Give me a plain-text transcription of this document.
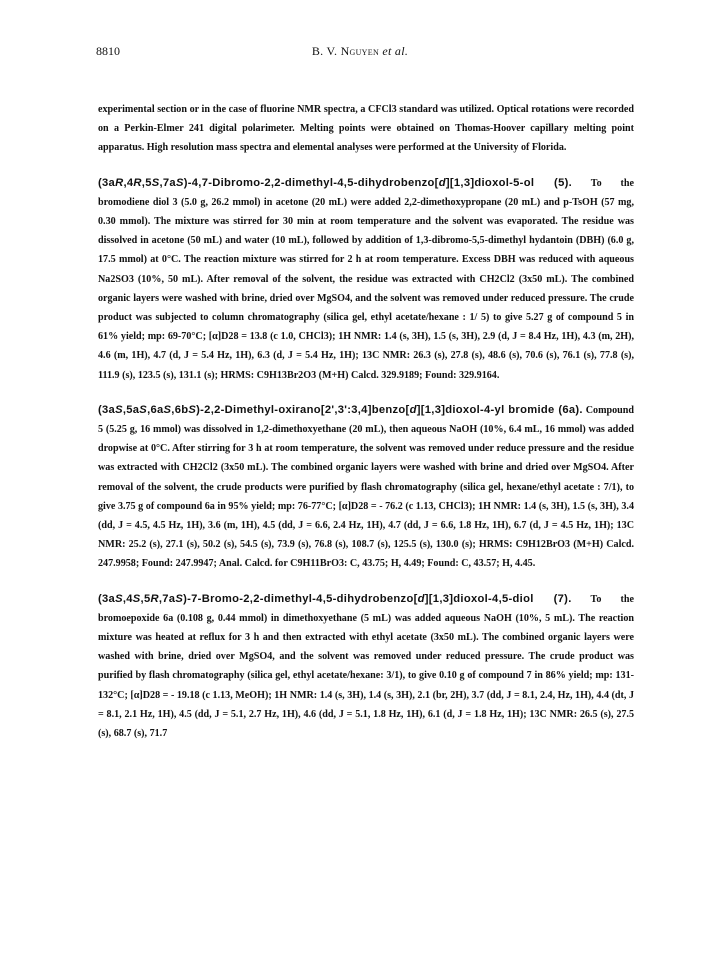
8810	B. V. Nguyen et al.

experimental section or in the case of fluorine NMR spectra, a CFCl3 standard was utilized. Optical rotations were recorded on a Perkin-Elmer 241 digital polarimeter. Melting points were obtained on Thomas-Hoover capillary melting point apparatus. High resolution mass spectra and elemental analyses were performed at the University of Florida.

(3aR,4R,5S,7aS)-4,7-Dibromo-2,2-dimethyl-4,5-dihydrobenzo[d][1,3]dioxol-5-ol (5). To the bromodiene diol 3 (5.0 g, 26.2 mmol) in acetone (20 mL) were added 2,2-dimethoxypropane (20 mL) and p-TsOH (57 mg, 0.30 mmol). The mixture was stirred for 30 min at room temperature and the solvent was evaporated. The residue was dissolved in acetone (50 mL) and water (10 mL), followed by addition of 1,3-dibromo-5,5-dimethyl hydantoin (DBH) (6.0 g, 17.5 mmol) at 0°C. The reaction mixture was stirred for 2 h at room temperature. Excess DBH was reduced with aqueous Na2SO3 (10%, 50 mL). After removal of the solvent, the residue was extracted with CH2Cl2 (3x50 mL). The combined organic layers were washed with brine, dried over MgSO4, and the solvent was removed under reduced pressure. The crude product was subjected to column chromatography (silica gel, ethyl acetate/hexane : 1/ 5) to give 5.27 g of compound 5 in 61% yield; mp: 69-70°C; [α]D28 = 13.8 (c 1.0, CHCl3); 1H NMR: 1.4 (s, 3H), 1.5 (s, 3H), 2.9 (d, J = 8.4 Hz, 1H), 4.3 (m, 2H), 4.6 (m, 1H), 4.7 (d, J = 5.4 Hz, 1H), 6.3 (d, J = 5.4 Hz, 1H); 13C NMR: 26.3 (s), 27.8 (s), 48.6 (s), 70.6 (s), 76.1 (s), 77.8 (s), 111.9 (s), 123.5 (s), 131.1 (s); HRMS: C9H13Br2O3 (M+H) Calcd. 329.9189; Found: 329.9164.

(3aS,5aS,6aS,6bS)-2,2-Dimethyl-oxirano[2',3':3,4]benzo[d][1,3]dioxol-4-yl bromide (6a). Compound 5 (5.25 g, 16 mmol) was dissolved in 1,2-dimethoxyethane (20 mL), then aqueous NaOH (10%, 6.4 mL, 16 mmol) was added dropwise at 0°C. After stirring for 3 h at room temperature, the solvent was removed under reduce pressure and the residue was extracted with CH2Cl2 (3x50 mL). The combined organic layers were washed with brine and dried over MgSO4. After removal of the solvent, the crude products were purified by flash chromatography (silica gel, hexane/ethyl acetate : 7/1), to give 3.75 g of compound 6a in 95% yield; mp: 76-77°C; [α]D28 = - 76.2 (c 1.13, CHCl3); 1H NMR: 1.4 (s, 3H), 1.5 (s, 3H), 3.4 (dd, J = 4.5, 4.5 Hz, 1H), 3.6 (m, 1H), 4.5 (dd, J = 6.6, 2.4 Hz, 1H), 4.7 (dd, J = 6.6, 1.8 Hz, 1H), 6.7 (d, J = 4.5 Hz, 1H); 13C NMR: 25.2 (s), 27.1 (s), 50.2 (s), 54.5 (s), 73.9 (s), 76.8 (s), 108.7 (s), 125.5 (s), 130.0 (s); HRMS: C9H12BrO3 (M+H) Calcd. 247.9958; Found: 247.9947; Anal. Calcd. for C9H11BrO3: C, 43.75; H, 4.49; Found: C, 43.57; H, 4.45.

(3aS,4S,5R,7aS)-7-Bromo-2,2-dimethyl-4,5-dihydrobenzo[d][1,3]dioxol-4,5-diol (7). To the bromoepoxide 6a (0.108 g, 0.44 mmol) in dimethoxyethane (5 mL) was added aqueous NaOH (10%, 5 mL). The reaction mixture was heated at reflux for 3 h and then extracted with ethyl acetate (3x50 mL). The combined organic layers were washed with brine, dried over MgSO4, and the solvent was removed under reduced pressure. The crude product was purified by flash chromatography (silica gel, ethyl acetate/hexane: 3/1), to give 0.10 g of compound 7 in 86% yield; mp: 131-132°C; [α]D28 = - 19.18 (c 1.13, MeOH); 1H NMR: 1.4 (s, 3H), 1.4 (s, 3H), 2.1 (br, 2H), 3.7 (dd, J = 8.1, 2.4, Hz, 1H), 4.4 (dt, J = 8.1, 2.1 Hz, 1H), 4.5 (dd, J = 5.1, 2.7 Hz, 1H), 4.6 (dd, J = 5.1, 1.8 Hz, 1H), 6.1 (d, J = 1.8 Hz, 1H); 13C NMR: 26.5 (s), 27.5 (s), 68.7 (s), 71.7
